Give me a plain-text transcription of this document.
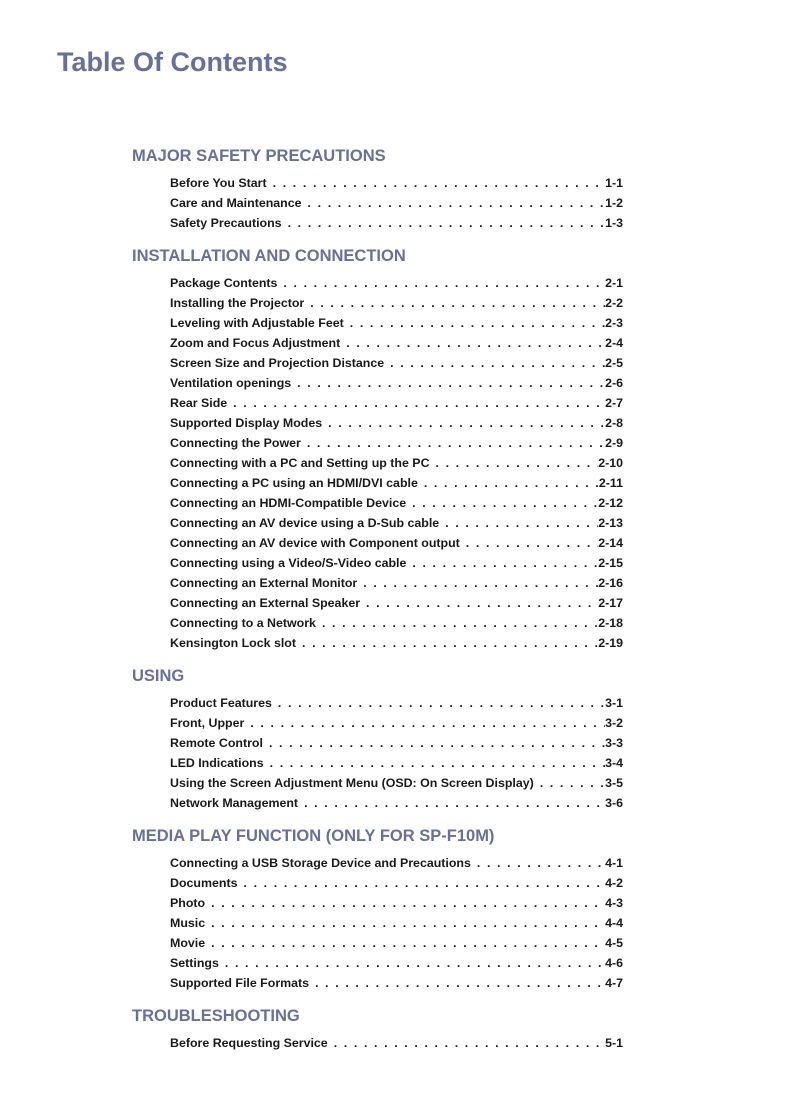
Table Of Contents
MAJOR SAFETY PRECAUTIONS
Before You Start . . .	1-1
Care and Maintenance . . .	1-2
Safety Precautions . . .	1-3
INSTALLATION AND CONNECTION
Package Contents . . .	2-1
Installing the Projector . . .	2-2
Leveling with Adjustable Feet . . .	2-3
Zoom and Focus Adjustment . . .	2-4
Screen Size and Projection Distance . . .	2-5
Ventilation openings . . .	2-6
Rear Side . . .	2-7
Supported Display Modes . . .	2-8
Connecting the Power . . .	2-9
Connecting with a PC and Setting up the PC . . .	2-10
Connecting a PC using an HDMI/DVI cable . . .	2-11
Connecting an HDMI-Compatible Device . . .	2-12
Connecting an AV device using a D-Sub cable . . .	2-13
Connecting an AV device with Component output . . .	2-14
Connecting using a Video/S-Video cable . . .	2-15
Connecting an External Monitor . . .	2-16
Connecting an External Speaker . . .	2-17
Connecting to a Network . . .	2-18
Kensington Lock slot . . .	2-19
USING
Product Features . . .	3-1
Front, Upper . . .	3-2
Remote Control . . .	3-3
LED Indications . . .	3-4
Using the Screen Adjustment Menu (OSD: On Screen Display) . . .	3-5
Network Management . . .	3-6
MEDIA PLAY FUNCTION (ONLY FOR SP-F10M)
Connecting a USB Storage Device and Precautions . . .	4-1
Documents . . .	4-2
Photo . . .	4-3
Music . . .	4-4
Movie . . .	4-5
Settings . . .	4-6
Supported File Formats . . .	4-7
TROUBLESHOOTING
Before Requesting Service . . .	5-1
